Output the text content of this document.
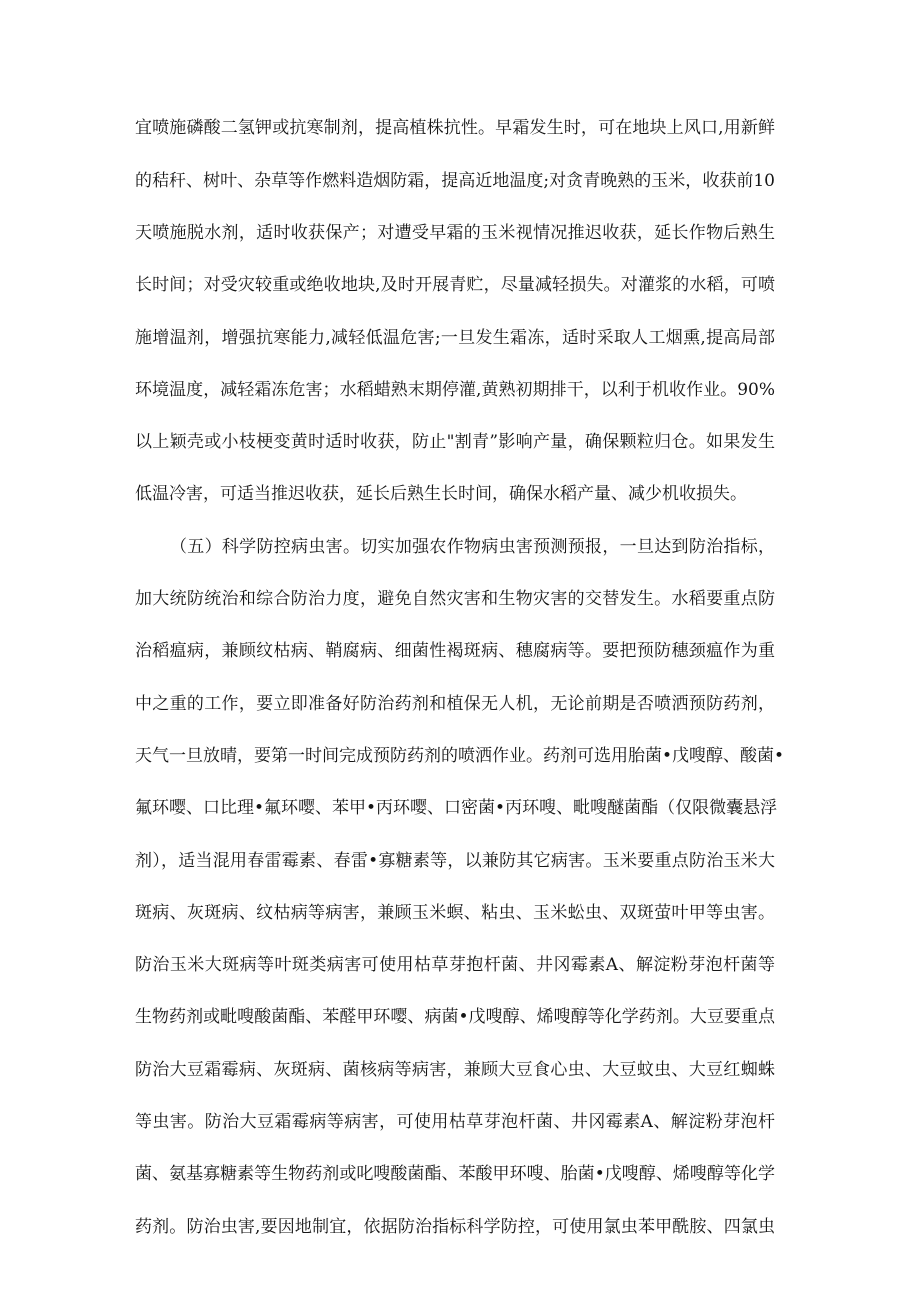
宜喷施磷酸二氢钾或抗寒制剂，提高植株抗性。早霜发生时，可在地块上风口,用新鲜

的秸秆、树叶、杂草等作燃料造烟防霜，提高近地温度;对贪青晚熟的玉米，收获前10

天喷施脱水剂，适时收获保产；对遭受早霜的玉米视情况推迟收获，延长作物后熟生

长时间；对受灾较重或绝收地块,及时开展青贮，尽量减轻损失。对灌浆的水稻，可喷

施增温剂，增强抗寒能力,减轻低温危害;一旦发生霜冻，适时采取人工烟熏,提高局部

环境温度，减轻霜冻危害；水稻蜡熟末期停灌,黄熟初期排干，以利于机收作业。90%

以上颖壳或小枝梗变黄时适时收获，防止"割青”影响产量，确保颗粒归仓。如果发生

低温冷害，可适当推迟收获，延长后熟生长时间，确保水稻产量、减少机收损失。

（五）科学防控病虫害。切实加强农作物病虫害预测预报，一旦达到防治指标，

加大统防统治和综合防治力度，避免自然灾害和生物灾害的交替发生。水稻要重点防

治稻瘟病，兼顾纹枯病、鞘腐病、细菌性褐斑病、穗腐病等。要把预防穗颈瘟作为重

中之重的工作，要立即准备好防治药剂和植保无人机，无论前期是否喷洒预防药剂，

天气一旦放晴，要第一时间完成预防药剂的喷洒作业。药剂可选用胎菌•戊嗖醇、酸菌•

氟环嘤、口比理•氟环嘤、苯甲•丙环嘤、口密菌•丙环嗖、毗嗖醚菌酯（仅限微囊悬浮

剂），适当混用春雷霉素、春雷•寡糖素等，以兼防其它病害。玉米要重点防治玉米大

斑病、灰斑病、纹枯病等病害，兼顾玉米螟、粘虫、玉米蚣虫、双斑萤叶甲等虫害。

防治玉米大斑病等叶斑类病害可使用枯草芽抱杆菌、井冈霉素A、解淀粉芽泡杆菌等

生物药剂或毗嗖酸菌酯、苯醛甲环嘤、病菌•戊嗖醇、烯嗖醇等化学药剂。大豆要重点

防治大豆霜霉病、灰斑病、菌核病等病害，兼顾大豆食心虫、大豆蚊虫、大豆红蜘蛛

等虫害。防治大豆霜霉病等病害，可使用枯草芽泡杆菌、井冈霉素A、解淀粉芽泡杆

菌、氨基寡糖素等生物药剂或叱嗖酸菌酯、苯酸甲环嗖、胎菌•戊嗖醇、烯嗖醇等化学

药剂。防治虫害,要因地制宜，依据防治指标科学防控，可使用氯虫苯甲酰胺、四氯虫
